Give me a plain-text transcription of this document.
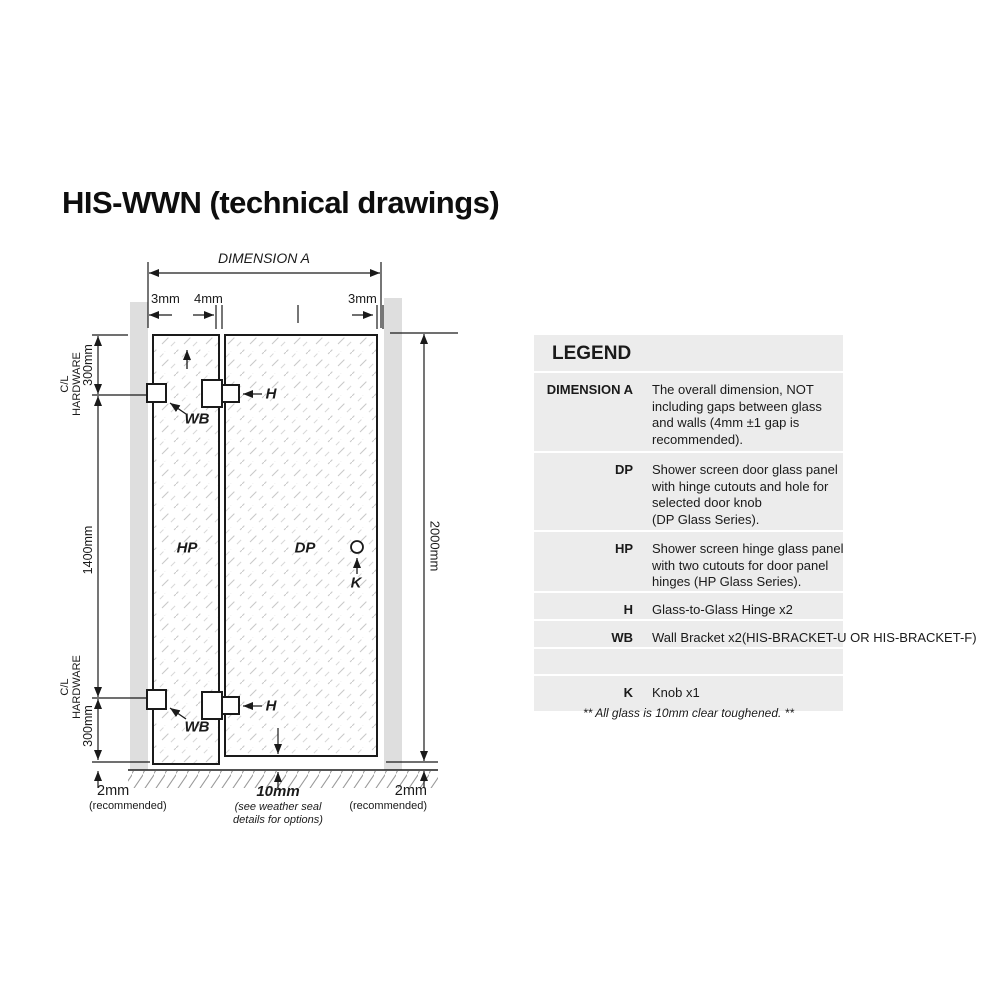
HIS-WWN (technical drawings)
DIMENSION A
3mm 4mm	3mm
300mm
C/L HARDWARE
1400mm
C/L HARDWARE
300mm
2000mm
HP	DP
H
H
WB
WB
K
2mm
(recommended)
10mm
(see weather seal
details for options)
2mm
(recommended)
LEGEND
DIMENSION A The overall dimension, NOT
including gaps between glass
and walls (4mm ±1 gap is
recommended).
DP Shower screen door glass panel
with hinge cutouts and hole for
selected door knob
(DP Glass Series).
HP Shower screen hinge glass panel
with two cutouts for door panel
hinges (HP Glass Series).
H Glass-to-Glass Hinge x2
WB Wall Bracket x2(HIS-BRACKET-U OR HIS-BRACKET-F)
K Knob x1
** All glass is 10mm clear toughened. **
